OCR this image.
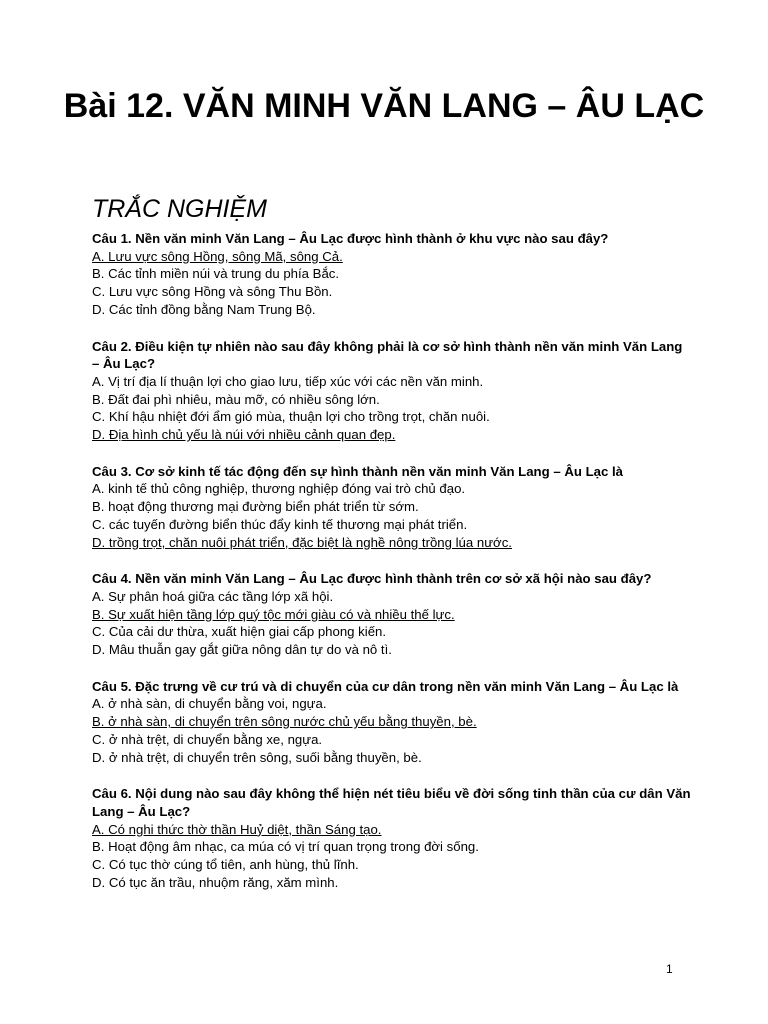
Bài 12. VĂN MINH VĂN LANG – ÂU LẠC
TRẮC NGHIỆM

Câu 1. Nền văn minh Văn Lang – Âu Lạc được hình thành ở khu vực nào sau đây?

A. Lưu vực sông Hồng, sông Mã, sông Cả.

B. Các tỉnh miền núi và trung du phía Bắc.

C. Lưu vực sông Hồng và sông Thu Bồn.

D. Các tỉnh đồng bằng Nam Trung Bộ.

Câu 2. Điều kiện tự nhiên nào sau đây không phải là cơ sở hình thành nền văn minh Văn Lang – Âu Lạc?

A. Vị trí địa lí thuận lợi cho giao lưu, tiếp xúc với các nền văn minh.

B. Đất đai phì nhiêu, màu mỡ, có nhiều sông lớn.

C. Khí hậu nhiệt đới ẩm gió mùa, thuận lợi cho trồng trọt, chăn nuôi.

D. Địa hình chủ yếu là núi với nhiều cảnh quan đẹp.

Câu 3. Cơ sở kinh tế tác động đến sự hình thành nền văn minh Văn Lang – Âu Lạc là

A. kinh tế thủ công nghiệp, thương nghiệp đóng vai trò chủ đạo.

B. hoạt động thương mại đường biển phát triển từ sớm.

C. các tuyến đường biển thúc đẩy kinh tế thương mại phát triển.

D. trồng trọt, chăn nuôi phát triển, đặc biệt là nghề nông trồng lúa nước.

Câu 4. Nền văn minh Văn Lang – Âu Lạc được hình thành trên cơ sở xã hội nào sau đây?

A. Sự phân hoá giữa các tầng lớp xã hội.

B. Sự xuất hiện tầng lớp quý tộc mới giàu có và nhiều thế lực.

C. Của cải dư thừa, xuất hiện giai cấp phong kiến.

D. Mâu thuẫn gay gắt giữa nông dân tự do và nô tì.

Câu 5. Đặc trưng về cư trú và di chuyển của cư dân trong nền văn minh Văn Lang – Âu Lạc là

A. ở nhà sàn, di chuyển bằng voi, ngựa.

B. ở nhà sàn, di chuyển trên sông nước chủ yếu bằng thuyền, bè.

C. ở nhà trệt, di chuyển bằng xe, ngựa.

D. ở nhà trệt, di chuyển trên sông, suối bằng thuyền, bè.

Câu 6. Nội dung nào sau đây không thể hiện nét tiêu biểu về đời sống tinh thần của cư dân Văn Lang – Âu Lạc?

A. Có nghi thức thờ thần Huỷ diệt, thần Sáng tạo.

B. Hoạt động âm nhạc, ca múa có vị trí quan trọng trong đời sống.

C. Có tục thờ cúng tổ tiên, anh hùng, thủ lĩnh.

D. Có tục ăn trầu, nhuộm răng, xăm mình.

1
